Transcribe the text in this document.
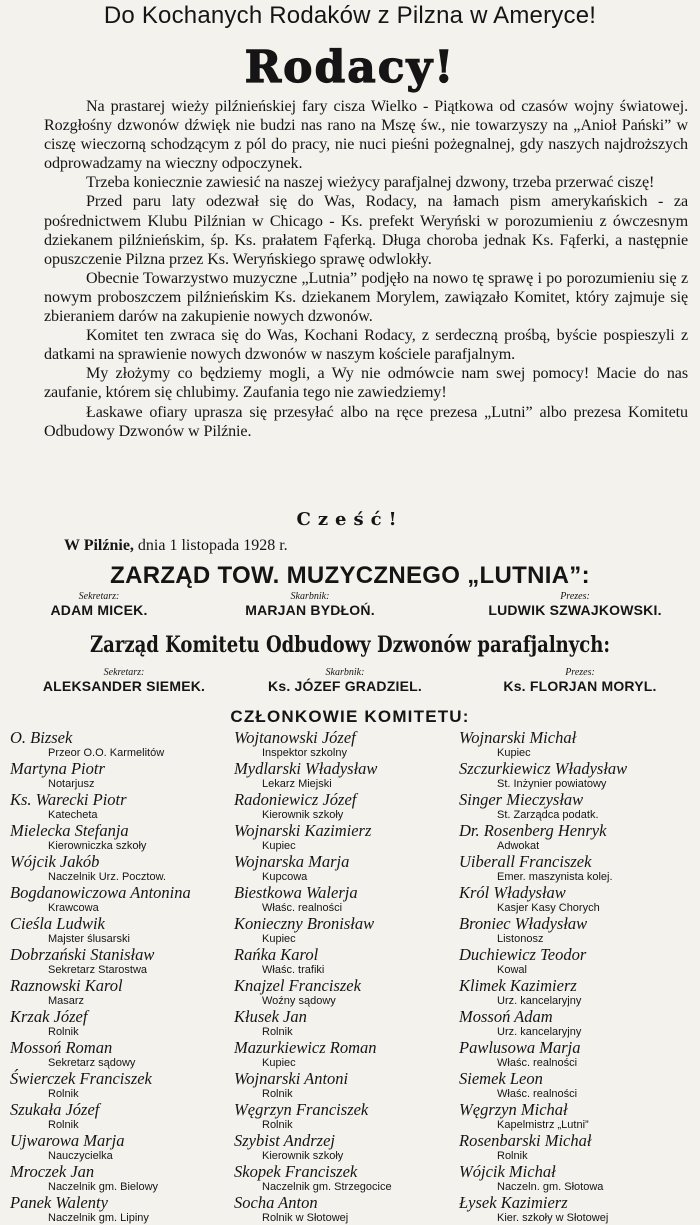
Do Kochanych Rodaków z Pilzna w Ameryce!
Rodacy!

Na prastarej wieży pilźnieńskiej fary cisza Wielko - Piątkowa od czasów wojny światowej. Rozgłośny dzwonów dźwięk nie budzi nas rano na Mszę św., nie towarzyszy na „Anioł Pański” w ciszę wieczorną schodzącym z pól do pracy, nie nuci pieśni pożegnalnej, gdy naszych najdroższych odprowadzamy na wieczny odpoczynek.

Trzeba koniecznie zawiesić na naszej wieżycy parafjalnej dzwony, trzeba przerwać ciszę!

Przed paru laty odezwał się do Was, Rodacy, na łamach pism amerykańskich - za pośrednictwem Klubu Pilźnian w Chicago - Ks. prefekt Weryński w porozumieniu z ówczesnym dziekanem pilźnieńskim, śp. Ks. prałatem Fąferką. Długa choroba jednak Ks. Fąferki, a następnie opuszczenie Pilzna przez Ks. Weryńskiego sprawę odwlokły.

Obecnie Towarzystwo muzyczne „Lutnia” podjęło na nowo tę sprawę i po porozumieniu się z nowym proboszczem pilźnieńskim Ks. dziekanem Morylem, zawiązało Komitet, który zajmuje się zbieraniem darów na zakupienie nowych dzwonów.

Komitet ten zwraca się do Was, Kochani Rodacy, z serdeczną prośbą, byście pospieszyli z datkami na sprawienie nowych dzwonów w naszym kościele parafjalnym.

My złożymy co będziemy mogli, a Wy nie odmówcie nam swej pomocy! Macie do nas zaufanie, którem się chlubimy. Zaufania tego nie zawiedziemy!

Łaskawe ofiary uprasza się przesyłać albo na ręce prezesa „Lutni” albo prezesa Komitetu Odbudowy Dzwonów w Pilźnie.

Cześć!
W Pilźnie, dnia 1 listopada 1928 r.
ZARZĄD TOW. MUZYCZNEGO „LUTNIA”:
Sekretarz:
ADAM MICEK.
Skarbnik:
MARJAN BYDŁOŃ.
Prezes:
LUDWIK SZWAJKOWSKI.
Zarząd Komitetu Odbudowy Dzwonów parafjalnych:
Sekretarz:
ALEKSANDER SIEMEK.
Skarbnik:
Ks. JÓZEF GRADZIEL.
Prezes:
Ks. FLORJAN MORYL.
CZŁONKOWIE KOMITETU:
O. Bizsek
Przeor O.O. Karmelitów
Martyna Piotr
Notarjusz
Ks. Warecki Piotr
Katecheta
Mielecka Stefanja
Kierowniczka szkoły
Wójcik Jakób
Naczelnik Urz. Pocztow.
Bogdanowiczowa Antonina
Krawcowa
Cieśla Ludwik
Majster ślusarski
Dobrzański Stanisław
Sekretarz Starostwa
Raznowski Karol
Masarz
Krzak Józef
Rolnik
Mossoń Roman
Sekretarz sądowy
Świerczek Franciszek
Rolnik
Szukała Józef
Rolnik
Ujwarowa Marja
Nauczycielka
Mroczek Jan
Naczelnik gm. Bielowy
Panek Walenty
Naczelnik gm. Lipiny
Wojtanowski Józef
Inspektor szkolny
Mydlarski Władysław
Lekarz Miejski
Radoniewicz Józef
Kierownik szkoły
Wojnarski Kazimierz
Kupiec
Wojnarska Marja
Kupcowa
Biestkowa Walerja
Właśc. realności
Konieczny Bronisław
Kupiec
Rańka Karol
Właśc. trafiki
Knajzel Franciszek
Woźny sądowy
Kłusek Jan
Rolnik
Mazurkiewicz Roman
Kupiec
Wojnarski Antoni
Rolnik
Węgrzyn Franciszek
Rolnik
Szybist Andrzej
Kierownik szkoły
Skopek Franciszek
Naczelnik gm. Strzegocice
Socha Anton
Rolnik w Słotowej
Wojnarski Michał
Kupiec
Szczurkiewicz Władysław
St. Inżynier powiatowy
Singer Mieczysław
St. Zarządca podatk.
Dr. Rosenberg Henryk
Adwokat
Uiberall Franciszek
Emer. maszynista kolej.
Król Władysław
Kasjer Kasy Chorych
Broniec Władysław
Listonosz
Duchiewicz Teodor
Kowal
Klimek Kazimierz
Urz. kancelaryjny
Mossoń Adam
Urz. kancelaryjny
Pawlusowa Marja
Właśc. realności
Siemek Leon
Właśc. realności
Węgrzyn Michał
Kapelmistrz „Lutni”
Rosenbarski Michał
Rolnik
Wójcik Michał
Naczeln. gm. Słotowa
Łysek Kazimierz
Kier. szkoły w Słotowej
